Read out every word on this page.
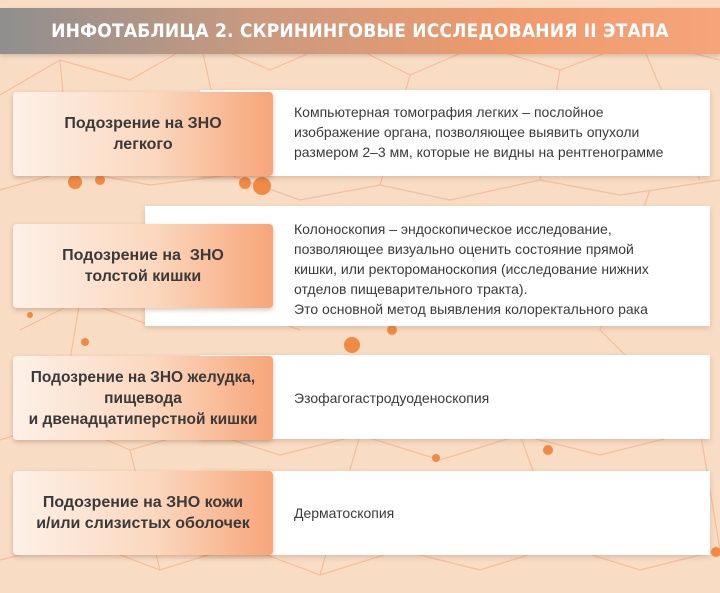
ИНФОТАБЛИЦА 2. СКРИНИНГОВЫЕ ИССЛЕДОВАНИЯ II ЭТАПА
Подозрение на ЗНО
легкого
Компьютерная томография легких – послойное
изображение органа, позволяющее выявить опухоли
размером 2–3 мм, которые не видны на рентгенограмме
Подозрение на  ЗНО
толстой кишки
Колоноскопия – эндоскопическое исследование,
позволяющее визуально оценить состояние прямой
кишки, или ректороманоскопия (исследование нижних
отделов пищеварительного тракта).
Это основной метод выявления колоректального рака
Подозрение на ЗНО желудка,
пищевода
и двенадцатиперстной кишки
Эзофагогастродуоденоскопия
Подозрение на ЗНО кожи
и/или слизистых оболочек
Дерматоскопия
